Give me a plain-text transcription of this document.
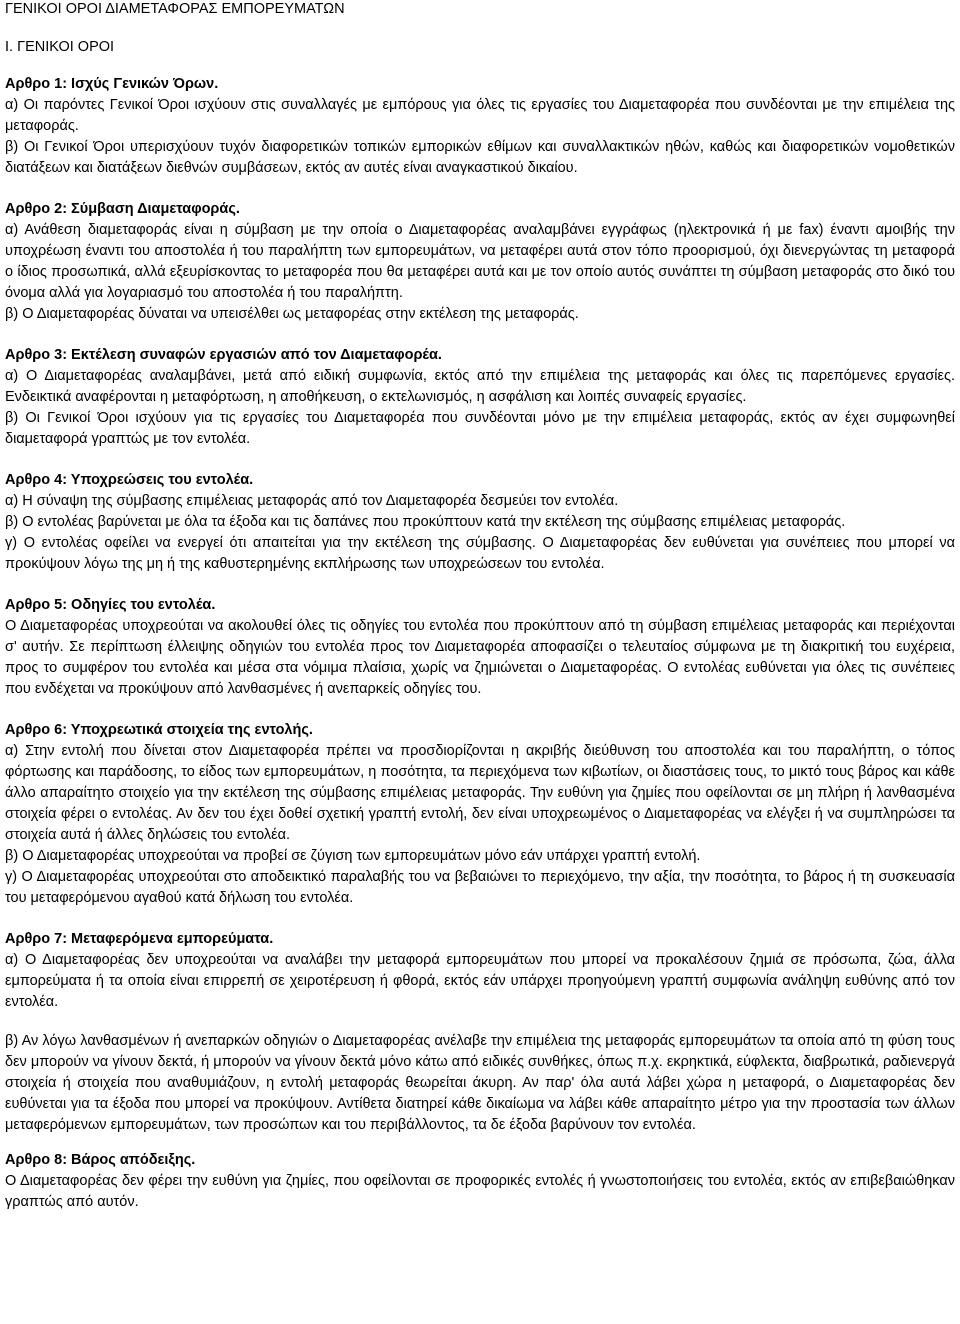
ΓΕΝΙΚΟΙ ΟΡΟΙ ΔΙΑΜΕΤΑΦΟΡΑΣ ΕΜΠΟΡΕΥΜΑΤΩΝ

Ι. ΓΕΝΙΚΟΙ ΟΡΟΙ

Αρθρο 1: Ισχύς Γενικών Όρων.

α) Οι παρόντες Γενικοί Όροι ισχύουν στις συναλλαγές με εμπόρους για όλες τις εργασίες του Διαμεταφορέα που συνδέονται με την επιμέλεια της μεταφοράς.

β) Οι Γενικοί Όροι υπερισχύουν τυχόν διαφορετικών τοπικών εμπορικών εθίμων και συναλλακτικών ηθών, καθώς και διαφορετικών νομοθετικών διατάξεων και διατάξεων διεθνών συμβάσεων, εκτός αν αυτές είναι αναγκαστικού δικαίου.

Αρθρο 2: Σύμβαση Διαμεταφοράς.

α) Ανάθεση διαμεταφοράς είναι η σύμβαση με την οποία ο Διαμεταφορέας αναλαμβάνει εγγράφως (ηλεκτρονικά ή με fax) έναντι αμοιβής την υποχρέωση έναντι του αποστολέα ή του παραλήπτη των εμπορευμάτων, να μεταφέρει αυτά στον τόπο προορισμού, όχι διενεργώντας τη μεταφορά ο ίδιος προσωπικά, αλλά εξευρίσκοντας το μεταφορέα που θα μεταφέρει αυτά και με τον οποίο αυτός συνάπτει τη σύμβαση μεταφοράς στο δικό του όνομα αλλά για λογαριασμό του αποστολέα ή του παραλήπτη.

β) Ο Διαμεταφορέας δύναται να υπεισέλθει ως μεταφορέας στην εκτέλεση της μεταφοράς.

Αρθρο 3: Εκτέλεση συναφών εργασιών από τον Διαμεταφορέα.

α) Ο Διαμεταφορέας αναλαμβάνει, μετά από ειδική συμφωνία, εκτός από την επιμέλεια της μεταφοράς και όλες τις παρεπόμενες εργασίες. Ενδεικτικά αναφέρονται η μεταφόρτωση, η αποθήκευση, ο εκτελωνισμός, η ασφάλιση και λοιπές συναφείς εργασίες.

β) Οι Γενικοί Όροι ισχύουν για τις εργασίες του Διαμεταφορέα που συνδέονται μόνο με την επιμέλεια μεταφοράς, εκτός αν έχει συμφωνηθεί διαμεταφορά γραπτώς με τον εντολέα.

Αρθρο 4: Υποχρεώσεις του εντολέα.

α) Η σύναψη της σύμβασης επιμέλειας μεταφοράς από τον Διαμεταφορέα δεσμεύει τον εντολέα.

β) Ο εντολέας βαρύνεται με όλα τα έξοδα και τις δαπάνες που προκύπτουν κατά την εκτέλεση της σύμβασης επιμέλειας μεταφοράς.

γ) Ο εντολέας οφείλει να ενεργεί ότι απαιτείται για την εκτέλεση της σύμβασης. Ο Διαμεταφορέας δεν ευθύνεται για συνέπειες που μπορεί να προκύψουν λόγω της μη ή της καθυστερημένης εκπλήρωσης των υποχρεώσεων του εντολέα.

Αρθρο 5: Οδηγίες του εντολέα.

Ο Διαμεταφορέας υποχρεούται να ακολουθεί όλες τις οδηγίες του εντολέα που προκύπτουν από τη σύμβαση επιμέλειας μεταφοράς και περιέχονται σ' αυτήν. Σε περίπτωση έλλειψης οδηγιών του εντολέα προς τον Διαμεταφορέα αποφασίζει ο τελευταίος σύμφωνα με τη διακριτική του ευχέρεια, προς το συμφέρον του εντολέα και μέσα στα νόμιμα πλαίσια, χωρίς να ζημιώνεται ο Διαμεταφορέας. Ο εντολέας ευθύνεται για όλες τις συνέπειες που ενδέχεται να προκύψουν από λανθασμένες ή ανεπαρκείς οδηγίες του.

Αρθρο 6: Υποχρεωτικά στοιχεία της εντολής.

α) Στην εντολή που δίνεται στον Διαμεταφορέα πρέπει να προσδιορίζονται η ακριβής διεύθυνση του αποστολέα και του παραλήπτη, ο τόπος φόρτωσης και παράδοσης, το είδος των εμπορευμάτων, η ποσότητα, τα περιεχόμενα των κιβωτίων, οι διαστάσεις τους, το μικτό τους βάρος και κάθε άλλο απαραίτητο στοιχείο για την εκτέλεση της σύμβασης επιμέλειας μεταφοράς. Την ευθύνη για ζημίες που οφείλονται σε μη πλήρη ή λανθασμένα στοιχεία φέρει ο εντολέας. Αν δεν του έχει δοθεί σχετική γραπτή εντολή, δεν είναι υποχρεωμένος ο Διαμεταφορέας να ελέγξει ή να συμπληρώσει τα στοιχεία αυτά ή άλλες δηλώσεις του εντολέα.

β) Ο Διαμεταφορέας υποχρεούται να προβεί σε ζύγιση των εμπορευμάτων μόνο εάν υπάρχει γραπτή εντολή.

γ) Ο Διαμεταφορέας υποχρεούται στο αποδεικτικό παραλαβής του να βεβαιώνει το περιεχόμενο, την αξία, την ποσότητα, το βάρος ή τη συσκευασία του μεταφερόμενου αγαθού κατά δήλωση του εντολέα.

Αρθρο 7: Μεταφερόμενα εμπορεύματα.

α) Ο Διαμεταφορέας δεν υποχρεούται να αναλάβει την μεταφορά εμπορευμάτων που μπορεί να προκαλέσουν ζημιά σε πρόσωπα, ζώα, άλλα εμπορεύματα ή τα οποία είναι επιρρεπή σε χειροτέρευση ή φθορά, εκτός εάν υπάρχει προηγούμενη γραπτή συμφωνία ανάληψη ευθύνης από τον εντολέα.

β) Αν λόγω λανθασμένων ή ανεπαρκών οδηγιών ο Διαμεταφορέας ανέλαβε την επιμέλεια της μεταφοράς εμπορευμάτων τα οποία από τη φύση τους δεν μπορούν να γίνουν δεκτά, ή μπορούν να γίνουν δεκτά μόνο κάτω από ειδικές συνθήκες, όπως π.χ. εκρηκτικά, εύφλεκτα, διαβρωτικά, ραδιενεργά στοιχεία ή στοιχεία που αναθυμιάζουν, η εντολή μεταφοράς θεωρείται άκυρη. Αν παρ' όλα αυτά λάβει χώρα η μεταφορά, ο Διαμεταφορέας δεν ευθύνεται για τα έξοδα που μπορεί να προκύψουν. Αντίθετα διατηρεί κάθε δικαίωμα να λάβει κάθε απαραίτητο μέτρο για την προστασία των άλλων μεταφερόμενων εμπορευμάτων, των προσώπων και του περιβάλλοντος, τα δε έξοδα βαρύνουν τον εντολέα.

Αρθρο 8: Βάρος απόδειξης.

Ο Διαμεταφορέας δεν φέρει την ευθύνη για ζημίες, που οφείλονται σε προφορικές εντολές ή γνωστοποιήσεις του εντολέα, εκτός αν επιβεβαιώθηκαν γραπτώς από αυτόν.
